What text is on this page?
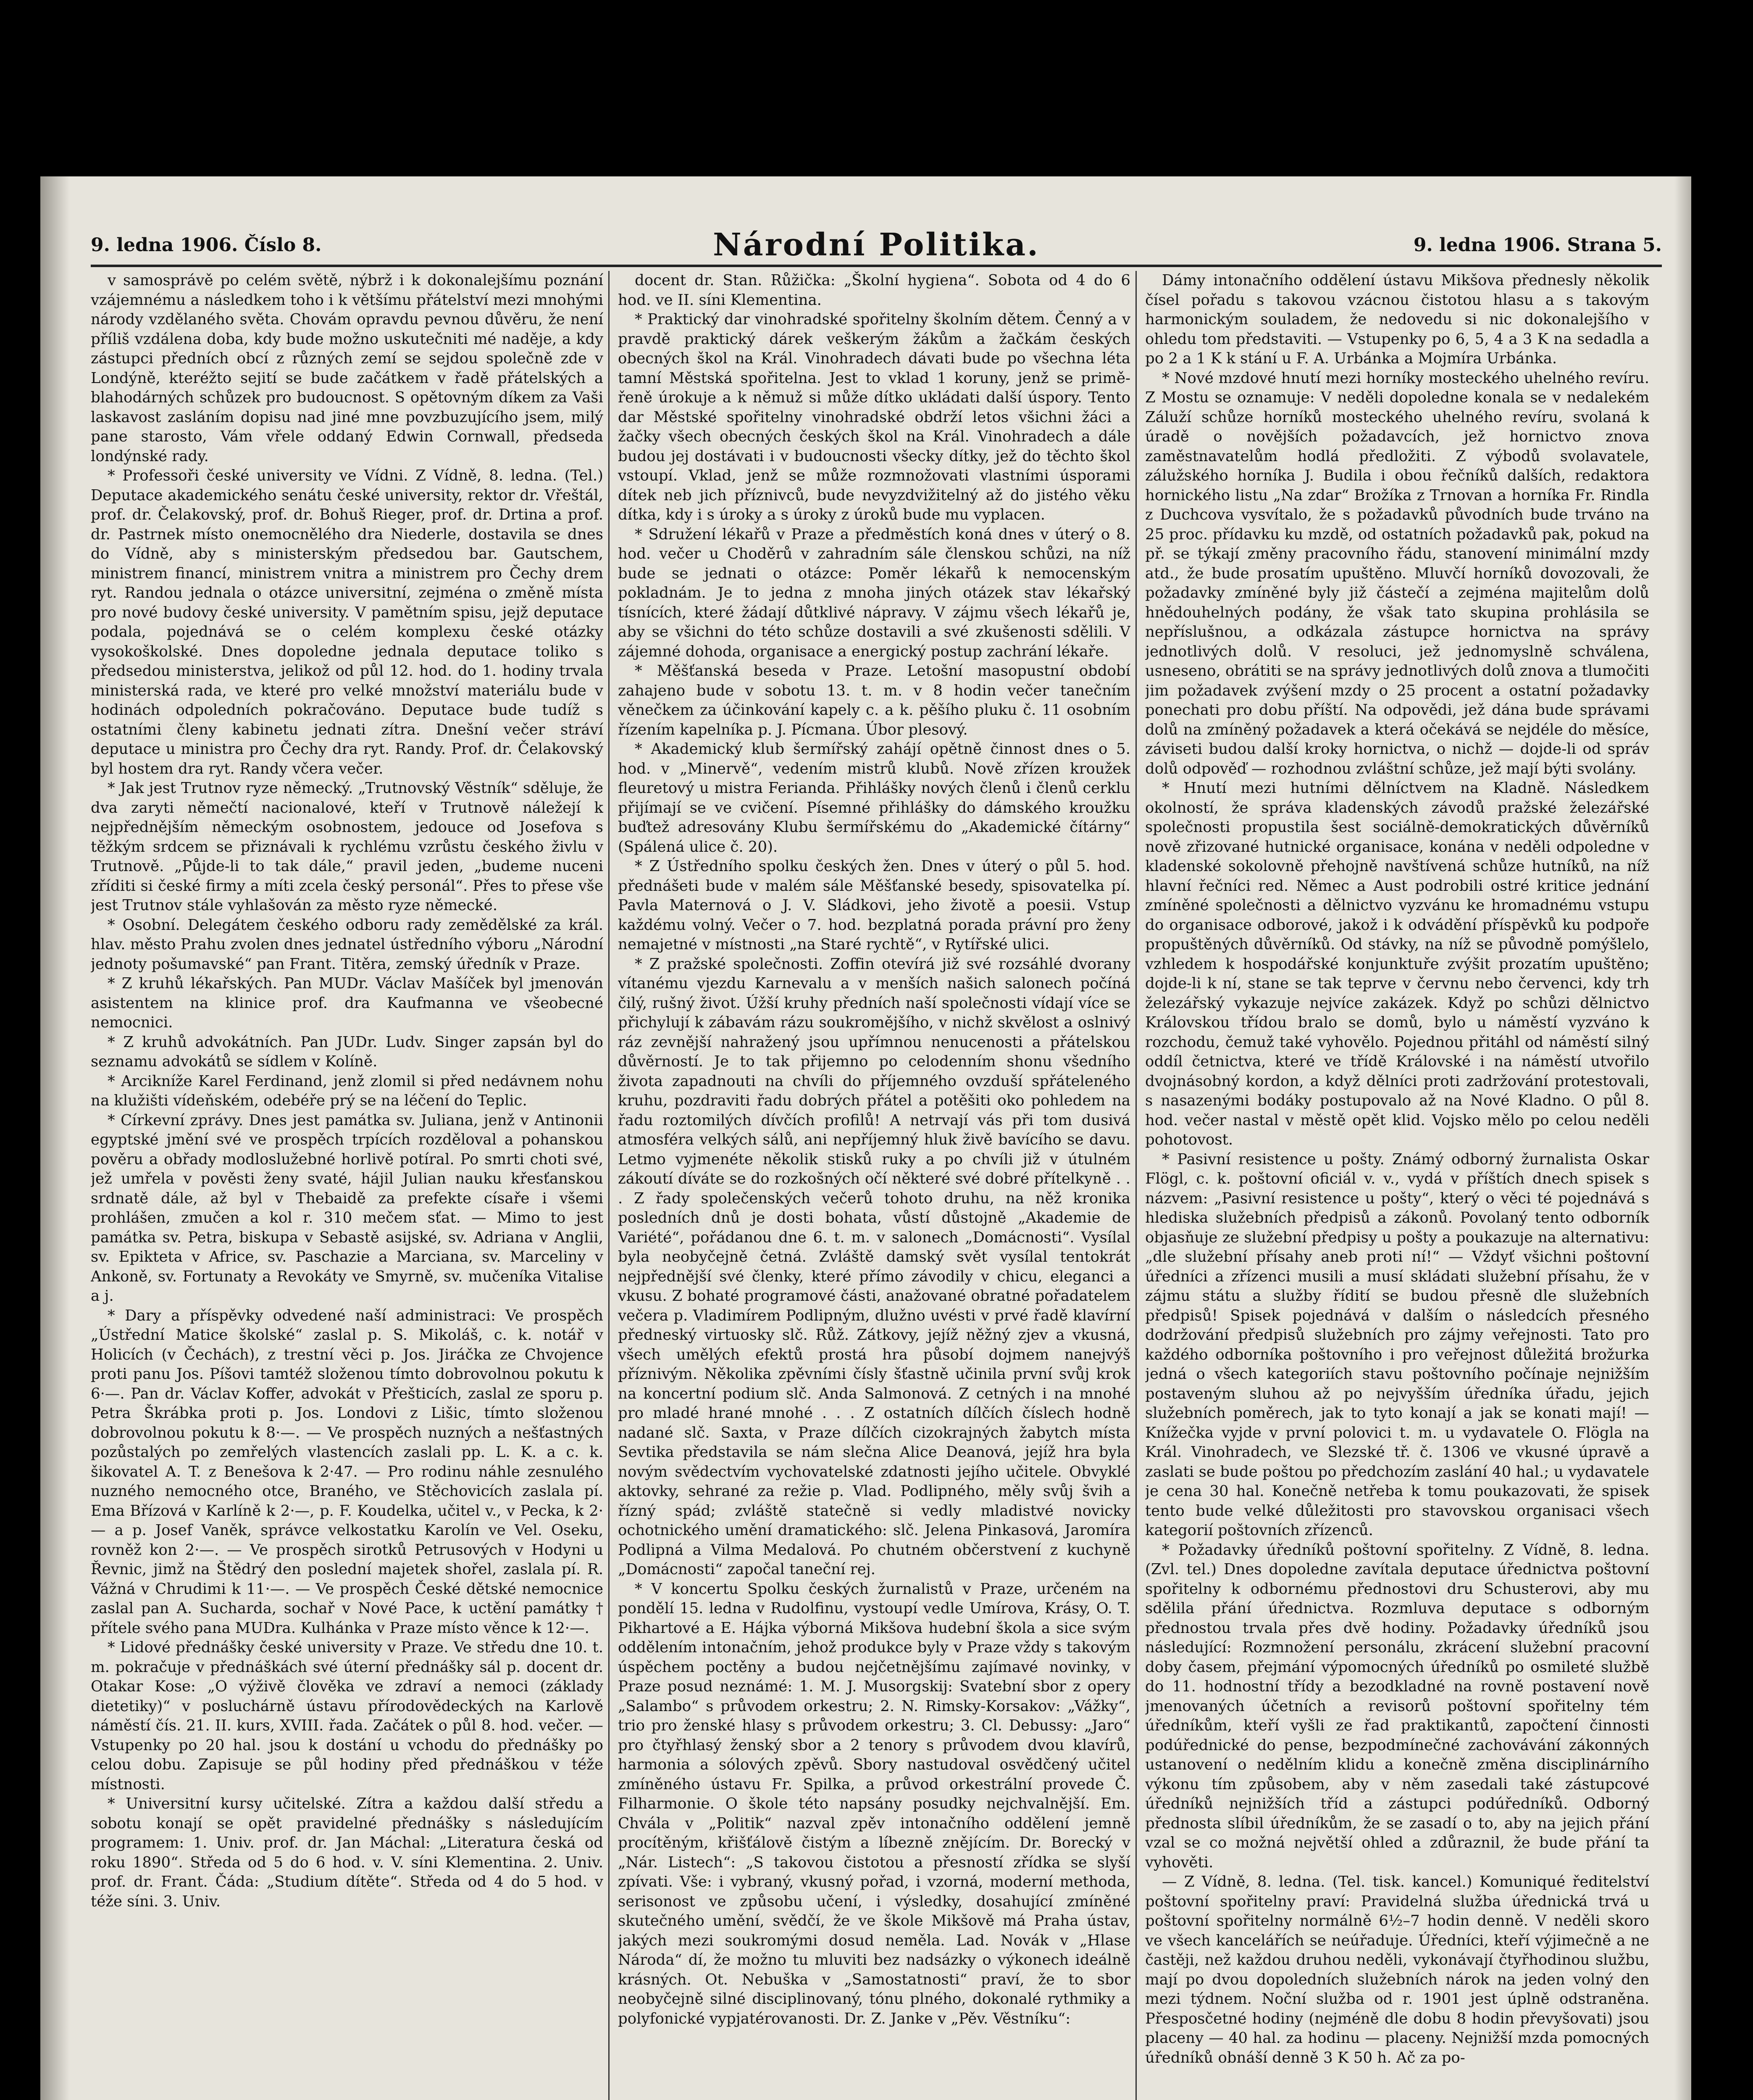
9. ledna 1906. Číslo 8.	Národní Politika.	9. ledna 1906. Strana 5.

v samosprávě po celém světě, nýbrž i k dokonalejšímu poznání vzájemnému a následkem toho i k většímu přátelství mezi mnohými národy vzdělaného světa. Chovám opravdu pevnou důvěru, že není příliš vzdálena doba, kdy bude možno uskutečniti mé naděje, a kdy zástupci předních obcí z různých zemí se sejdou společně zde v Londýně, kteréžto sejití se bude začátkem v řadě přátelských a blahodárných schůzek pro budoucnost. S opětovným díkem za Vaši laskavost zasláním dopisu nad jiné mne povzbuzujícího jsem, milý pane starosto, Vám vřele oddaný Edwin Cornwall, předseda londýnské rady.

* Professoři české university ve Vídni. Z Vídně, 8. ledna. (Tel.) Deputace akademického senátu české university, rektor dr. Vřeštál, prof. dr. Čelakovský, prof. dr. Bohuš Rieger, prof. dr. Drtina a prof. dr. Pastrnek místo onemocnělého dra Niederle, dostavila se dnes do Vídně, aby s ministerským předsedou bar. Gautschem, ministrem financí, ministrem vnitra a ministrem pro Čechy drem ryt. Randou jednala o otázce universitní, zejména o změně místa pro nové budovy české university. V pamětním spisu, jejž deputace podala, pojednává se o celém komplexu české otázky vysokoškolské. Dnes dopoledne jednala deputace toliko s předsedou ministerstva, jelikož od půl 12. hod. do 1. hodiny trvala ministerská rada, ve které pro velké množství materiálu bude v hodinách odpoledních pokračováno. Deputace bude tudíž s ostatními členy kabinetu jednati zítra. Dnešní večer stráví deputace u ministra pro Čechy dra ryt. Randy. Prof. dr. Čelakovský byl hostem dra ryt. Randy včera večer.

* Jak jest Trutnov ryze německý. „Trutnovský Věstník“ sděluje, že dva zaryti němečtí nacionalové, kteří v Trutnově náležejí k nejpřednějším německým osobnostem, jedouce od Josefova s těžkým srdcem se přiznávali k rychlému vzrůstu českého živlu v Trutnově. „Půjde-li to tak dále,“ pravil jeden, „budeme nuceni zříditi si české firmy a míti zcela český personál“. Přes to přese vše jest Trutnov stále vyhlašován za město ryze německé.

* Osobní. Delegátem českého odboru rady zemědělské za král. hlav. město Prahu zvolen dnes jednatel ústředního výboru „Národní jednoty pošumavské“ pan Frant. Titěra, zemský úředník v Praze.

* Z kruhů lékařských. Pan MUDr. Václav Mašíček byl jmenován asistentem na klinice prof. dra Kaufmanna ve všeobecné nemocnici.

* Z kruhů advokátních. Pan JUDr. Ludv. Singer zapsán byl do seznamu advokátů se sídlem v Kolíně.

* Arcikníže Karel Ferdinand, jenž zlomil si před nedávnem nohu na klužišti vídeňském, odebéře prý se na léčení do Teplic.

* Církevní zprávy. Dnes jest památka sv. Juliana, jenž v Antinonii egyptské jmění své ve prospěch trpících rozděloval a pohanskou pověru a obřady modloslužebné horlivě potíral. Po smrti choti své, jež umřela v pověsti ženy svaté, hájil Julian nauku křesťanskou srdnatě dále, až byl v Thebaidě za prefekte císaře i všemi prohlášen, zmučen a kol r. 310 mečem sťat. — Mimo to jest památka sv. Petra, biskupa v Sebastě asijské, sv. Adriana v Anglii, sv. Epikteta v Africe, sv. Paschazie a Marciana, sv. Marceliny v Ankoně, sv. Fortunaty a Revokáty ve Smyrně, sv. mučeníka Vitalise a j.

* Dary a příspěvky odvedené naší administraci: Ve prospěch „Ústřední Matice školské“ zaslal p. S. Mikoláš, c. k. notář v Holicích (v Čechách), z trestní věci p. Jos. Jiráčka ze Chvojence proti panu Jos. Píšovi tamtéž složenou tímto dobrovolnou pokutu k 6·—. Pan dr. Václav Koffer, advokát v Přešticích, zaslal ze sporu p. Petra Škrábka proti p. Jos. Londovi z Lišic, tímto složenou dobrovolnou pokutu k 8·—. — Ve prospěch nuzných a nešťastných pozůstalých po zemřelých vlastencích zaslali pp. L. K. a c. k. šikovatel A. T. z Benešova k 2·47. — Pro rodinu náhle zesnulého nuzného nemocného otce, Braného, ve Stěchovicích zaslala pí. Ema Břízová v Karlíně k 2·—, p. F. Koudelka, učitel v., v Pecka, k 2·— a p. Josef Vaněk, správce velkostatku Karolín ve Vel. Oseku, rovněž kon 2·—. — Ve prospěch sirotků Petrusových v Hodyni u Řevnic, jimž na Štědrý den poslední majetek shořel, zaslala pí. R. Vážná v Chrudimi k 11·—. — Ve prospěch České dětské nemocnice zaslal pan A. Sucharda, sochař v Nové Pace, k uctění památky † přítele svého pana MUDra. Kulhánka v Praze místo věnce k 12·—.

* Lidové přednášky české university v Praze. Ve středu dne 10. t. m. pokračuje v přednáškách své úterní přednášky sál p. docent dr. Otakar Kose: „O výživě člověka ve zdraví a nemoci (základy dietetiky)“ v posluchárně ústavu přírodovědeckých na Karlově náměstí čís. 21. II. kurs, XVIII. řada. Začátek o půl 8. hod. večer. — Vstupenky po 20 hal. jsou k dostání u vchodu do přednášky po celou dobu. Zapisuje se půl hodiny před přednáškou v téže místnosti.

* Universitní kursy učitelské. Zítra a každou další středu a sobotu konají se opět pravidelné přednášky s následujícím programem: 1. Univ. prof. dr. Jan Máchal: „Literatura česká od roku 1890“. Středa od 5 do 6 hod. v. V. síni Klementina. 2. Univ. prof. dr. Frant. Čáda: „Studium dítěte“. Středa od 4 do 5 hod. v téže síni. 3. Univ.

docent dr. Stan. Růžička: „Školní hygiena“. Sobota od 4 do 6 hod. ve II. síni Klementina.

* Praktický dar vinohradské spořitelny školním dětem. Čenný a v pravdě praktický dárek veškerým žákům a žačkám českých obecných škol na Král. Vinohradech dávati bude po všechna léta tamní Městská spořitelna. Jest to vklad 1 koruny, jenž se primě-řeně úrokuje a k němuž si může dítko ukládati další úspory. Tento dar Městské spořitelny vinohradské obdrží letos všichni žáci a žačky všech obecných českých škol na Král. Vinohradech a dále budou jej dostávati i v budoucnosti všecky dítky, jež do těchto škol vstoupí. Vklad, jenž se může rozmnožovati vlastními úsporami dítek neb jich příznivců, bude nevyzdvižitelný až do jistého věku dítka, kdy i s úroky a s úroky z úroků bude mu vyplacen.

* Sdružení lékařů v Praze a předměstích koná dnes v úterý o 8. hod. večer u Choděrů v zahradním sále členskou schůzi, na níž bude se jednati o otázce: Poměr lékařů k nemocenským pokladnám. Je to jedna z mnoha jiných otázek stav lékařský tísnících, které žádají důtklivé nápravy. V zájmu všech lékařů je, aby se všichni do této schůze dostavili a své zkušenosti sdělili. V zájemné dohoda, organisace a energický postup zachrání lékaře.

* Měšťanská beseda v Praze. Letošní masopustní období zahajeno bude v sobotu 13. t. m. v 8 hodin večer tanečním věnečkem za účinkování kapely c. a k. pěšího pluku č. 11 osobním řízením kapelníka p. J. Pícmana. Úbor plesový.

* Akademický klub šermířský zahájí opětně činnost dnes o 5. hod. v „Minervě“, vedením mistrů klubů. Nově zřízen kroužek fleuretový u mistra Ferianda. Přihlášky nových členů i členů cerklu přijímají se ve cvičení. Písemné přihlášky do dámského kroužku buďtež adresovány Klubu šermířskému do „Akademické čítárny“ (Spálená ulice č. 20).

* Z Ústředního spolku českých žen. Dnes v úterý o půl 5. hod. přednášeti bude v malém sále Měšťanské besedy, spisovatelka pí. Pavla Maternová o J. V. Sládkovi, jeho životě a poesii. Vstup každému volný. Večer o 7. hod. bezplatná porada právní pro ženy nemajetné v místnosti „na Staré rychtě“, v Rytířské ulici.

* Z pražské společnosti. Zoffin otevírá již své rozsáhlé dvorany vítanému vjezdu Karnevalu a v menších našich salonech počíná čilý, rušný život. Úžší kruhy předních naší společnosti vídají více se přichylují k zábavám rázu soukromějšího, v nichž skvělost a oslnivý ráz zevnější nahražený jsou upřímnou nenucenosti a přátelskou důvěrností. Je to tak přijemno po celodenním shonu všedního života zapadnouti na chvíli do příjemného ovzduší spřáteleného kruhu, pozdraviti řadu dobrých přátel a potěšiti oko pohledem na řadu roztomilých dívčích profilů! A netrvají vás při tom dusivá atmosféra velkých sálů, ani nepříjemný hluk živě bavícího se davu. Letmo vyjmenéte několik stisků ruky a po chvíli již v útulném zákoutí díváte se do rozkošných očí některé své dobré přítelkyně . . . Z řady společenských večerů tohoto druhu, na něž kronika posledních dnů je dosti bohata, vůstí důstojně „Akademie de Variété“, pořádanou dne 6. t. m. v salonech „Domácnosti“. Vysílal byla neobyčejně četná. Zvláště damský svět vysílal tentokrát nejpřednější své členky, které přímo závodily v chicu, eleganci a vkusu. Z bohaté programové části, anažované obratné pořadatelem večera p. Vladimírem Podlipným, dlužno uvésti v prvé řadě klavírní předneský virtuosky slč. Růž. Zátkovy, jejíž něžný zjev a vkusná, všech umělých efektů prostá hra působí dojmem nanejvýš příznivým. Několika zpěvními čísly šťastně učinila první svůj krok na koncertní podium slč. Anda Salmonová. Z cetných i na mnohé pro mladé hrané mnohé . . . Z ostatních dílčích číslech hodně nadané slč. Saxta, v Praze dílčích cizokrajných žabytch místa Sevtika představila se nám slečna Alice Deanová, jejíž hra byla novým svědectvím vychovatelské zdatnosti jejího učitele. Obvyklé aktovky, sehrané za režie p. Vlad. Podlipného, měly svůj švih a řízný spád; zvláště statečně si vedly mladistvé novicky ochotnického umění dramatického: slč. Jelena Pinkasová, Jaromíra Podlipná a Vilma Medalová. Po chutném občerstvení z kuchyně „Domácnosti“ započal taneční rej.

* V koncertu Spolku českých žurnalistů v Praze, určeném na pondělí 15. ledna v Rudolfinu, vystoupí vedle Umírova, Krásy, O. T. Pikhartové a E. Hájka výborná Mikšova hudební škola a sice svým oddělením intonačním, jehož produkce byly v Praze vždy s takovým úspěchem poctěny a budou nejčetnějšímu zajímavé novinky, v Praze posud neznámé: 1. M. J. Musorgskij: Svatební sbor z opery „Salambo“ s průvodem orkestru; 2. N. Rimsky-Korsakov: „Vážky“, trio pro ženské hlasy s průvodem orkestru; 3. Cl. Debussy: „Jaro“ pro čtyřhlasý ženský sbor a 2 tenory s průvodem dvou klavírů, harmonia a sólových zpěvů. Sbory nastudoval osvědčený učitel zmíněného ústavu Fr. Spilka, a průvod orkestrální provede Č. Filharmonie. O škole této napsány posudky nejchvalnější. Em. Chvála v „Politik“ nazval zpěv intonačního oddělení jemně procítěným, křišťálově čistým a líbezně znějícím. Dr. Borecký v „Nár. Listech“: „S takovou čistotou a přesností zřídka se slyší zpívati. Vše: i vybraný, vkusný pořad, i vzorná, moderní methoda, serisonost ve způsobu učení, i výsledky, dosahující zmíněné skutečného umění, svědčí, že ve škole Mikšově má Praha ústav, jakých mezi soukromými dosud neměla. Lad. Novák v „Hlase Národa“ dí, že možno tu mluviti bez nadsázky o výkonech ideálně krásných. Ot. Nebuška v „Samostatnosti“ praví, že to sbor neobyčejně silné disciplinovaný, tónu plného, dokonalé rythmiky a polyfonické vypjatérovanosti. Dr. Z. Janke v „Pěv. Věstníku“:

Dámy intonačního oddělení ústavu Mikšova přednesly několik čísel pořadu s takovou vzácnou čistotou hlasu a s takovým harmonickým souladem, že nedovedu si nic dokonalejšího v ohledu tom představiti. — Vstupenky po 6, 5, 4 a 3 K na sedadla a po 2 a 1 K k stání u F. A. Urbánka a Mojmíra Urbánka.

* Nové mzdové hnutí mezi horníky mosteckého uhelného revíru. Z Mostu se oznamuje: V neděli dopoledne konala se v nedalekém Záluží schůze horníků mosteckého uhelného revíru, svolaná k úradě o novějších požadavcích, jež hornictvo znova zaměstnavatelům hodlá předložiti. Z výbodů svolavatele, zálužského horníka J. Budila i obou řečníků dalších, redaktora hornického listu „Na zdar“ Brožíka z Trnovan a horníka Fr. Rindla z Duchcova vysvítalo, že s požadavků původních bude trváno na 25 proc. přídavku ku mzdě, od ostatních požadavků pak, pokud na př. se týkají změny pracovního řádu, stanovení minimální mzdy atd., že bude prosatím upuštěno. Mluvčí horníků dovozovali, že požadavky zmíněné byly již částečí a zejména majitelům dolů hnědouhelných podány, že však tato skupina prohlásila se nepříslušnou, a odkázala zástupce hornictva na správy jednotlivých dolů. V resoluci, jež jednomyslně schválena, usneseno, obrátiti se na správy jednotlivých dolů znova a tlumočiti jim požadavek zvýšení mzdy o 25 procent a ostatní požadavky ponechati pro dobu příští. Na odpovědi, jež dána bude správami dolů na zmíněný požadavek a která očekává se nejdéle do měsíce, záviseti budou další kroky hornictva, o nichž — dojde-li od správ dolů odpověď — rozhodnou zvláštní schůze, jež mají býti svolány.

* Hnutí mezi hutními dělníctvem na Kladně. Následkem okolností, že správa kladenských závodů pražské železářské společnosti propustila šest sociálně-demokratických důvěrníků nově zřizované hutnické organisace, konána v neděli odpoledne v kladenské sokolovně přehojně navštívená schůze hutníků, na níž hlavní řečníci red. Němec a Aust podrobili ostré kritice jednání zmíněné společnosti a dělnictvo vyzvánu ke hromadnému vstupu do organisace odborové, jakož i k odvádění příspěvků ku podpoře propuštěných důvěrníků. Od stávky, na níž se původně pomýšlelo, vzhledem k hospodářské konjunktuře zvýšit prozatím upuštěno; dojde-li k ní, stane se tak teprve v červnu nebo červenci, kdy trh železářský vykazuje nejvíce zakázek. Když po schůzi dělnictvo Královskou třídou bralo se domů, bylo u náměstí vyzváno k rozchodu, čemuž také vyhovělo. Pojednou přitáhl od náměstí silný oddíl četnictva, které ve třídě Královské i na náměstí utvořilo dvojnásobný kordon, a když dělníci proti zadržování protestovali, s nasazenými bodáky postupovalo až na Nové Kladno. O půl 8. hod. večer nastal v městě opět klid. Vojsko mělo po celou neděli pohotovost.

* Pasivní resistence u pošty. Známý odborný žurnalista Oskar Flögl, c. k. poštovní oficiál v. v., vydá v příštích dnech spisek s názvem: „Pasivní resistence u pošty“, který o věci té pojednává s hlediska služebních předpisů a zákonů. Povolaný tento odborník objasňuje ze služební předpisy u pošty a poukazuje na alternativu: „dle služební přísahy aneb proti ní!“ — Vždyť všichni poštovní úředníci a zřízenci musili a musí skládati služební přísahu, že v zájmu státu a služby řídití se budou přesně dle služebních předpisů! Spisek pojednává v dalším o následcích přesného dodržování předpisů služebních pro zájmy veřejnosti. Tato pro každého odborníka poštovního i pro veřejnost důležitá brožurka jedná o všech kategoriích stavu poštovního počínaje nejnižším postaveným sluhou až po nejvyšším úředníka úřadu, jejich služebních poměrech, jak to tyto konají a jak se konati mají! — Knížečka vyjde v první polovici t. m. u vydavatele O. Flögla na Král. Vinohradech, ve Slezské tř. č. 1306 ve vkusné úpravě a zaslati se bude poštou po předchozím zaslání 40 hal.; u vydavatele je cena 30 hal. Konečně netřeba k tomu poukazovati, že spisek tento bude velké důležitosti pro stavovskou organisaci všech kategorií poštovních zřízenců.

* Požadavky úředníků poštovní spořitelny. Z Vídně, 8. ledna. (Zvl. tel.) Dnes dopoledne zavítala deputace úřednictva poštovní spořitelny k odbornému přednostovi dru Schusterovi, aby mu sdělila přání úřednictva. Rozmluva deputace s odborným přednostou trvala přes dvě hodiny. Požadavky úředníků jsou následující: Rozmnožení personálu, zkrácení služební pracovní doby časem, přejmání výpomocných úředníků po osmileté službě do 11. hodnostní třídy a bezodkladné na rovně postavení nově jmenovaných účetních a revisorů poštovní spořitelny tém úředníkům, kteří vyšli ze řad praktikantů, započtení činnosti podúřednické do pense, bezpodmínečné zachovávání zákonných ustanovení o nedělním klidu a konečně změna disciplinárního výkonu tím způsobem, aby v něm zasedali také zástupcové úředníků nejnižších tříd a zástupci podúředníků. Odborný přednosta slíbil úředníkům, že se zasadí o to, aby na jejich přání vzal se co možná největší ohled a zdůraznil, že bude přání ta vyhověti.

— Z Vídně, 8. ledna. (Tel. tisk. kancel.) Komuniqué ředitelství poštovní spořitelny praví: Pravidelná služba úřednická trvá u poštovní spořitelny normálně 6½–7 hodin denně. V neděli skoro ve všech kancelářích se neúřaduje. Úředníci, kteří výjimečně a ne častěji, než každou druhou neděli, vykonávají čtyřhodinou službu, mají po dvou dopoledních služebních nárok na jeden volný den mezi týdnem. Noční služba od r. 1901 jest úplně odstraněna. Přesposčetné hodiny (nejméně dle dobu 8 hodin převyšovati) jsou placeny — 40 hal. za hodinu — placeny. Nejnižší mzda pomocných úředníků obnáší denně 3 K 50 h. Ač za po-
